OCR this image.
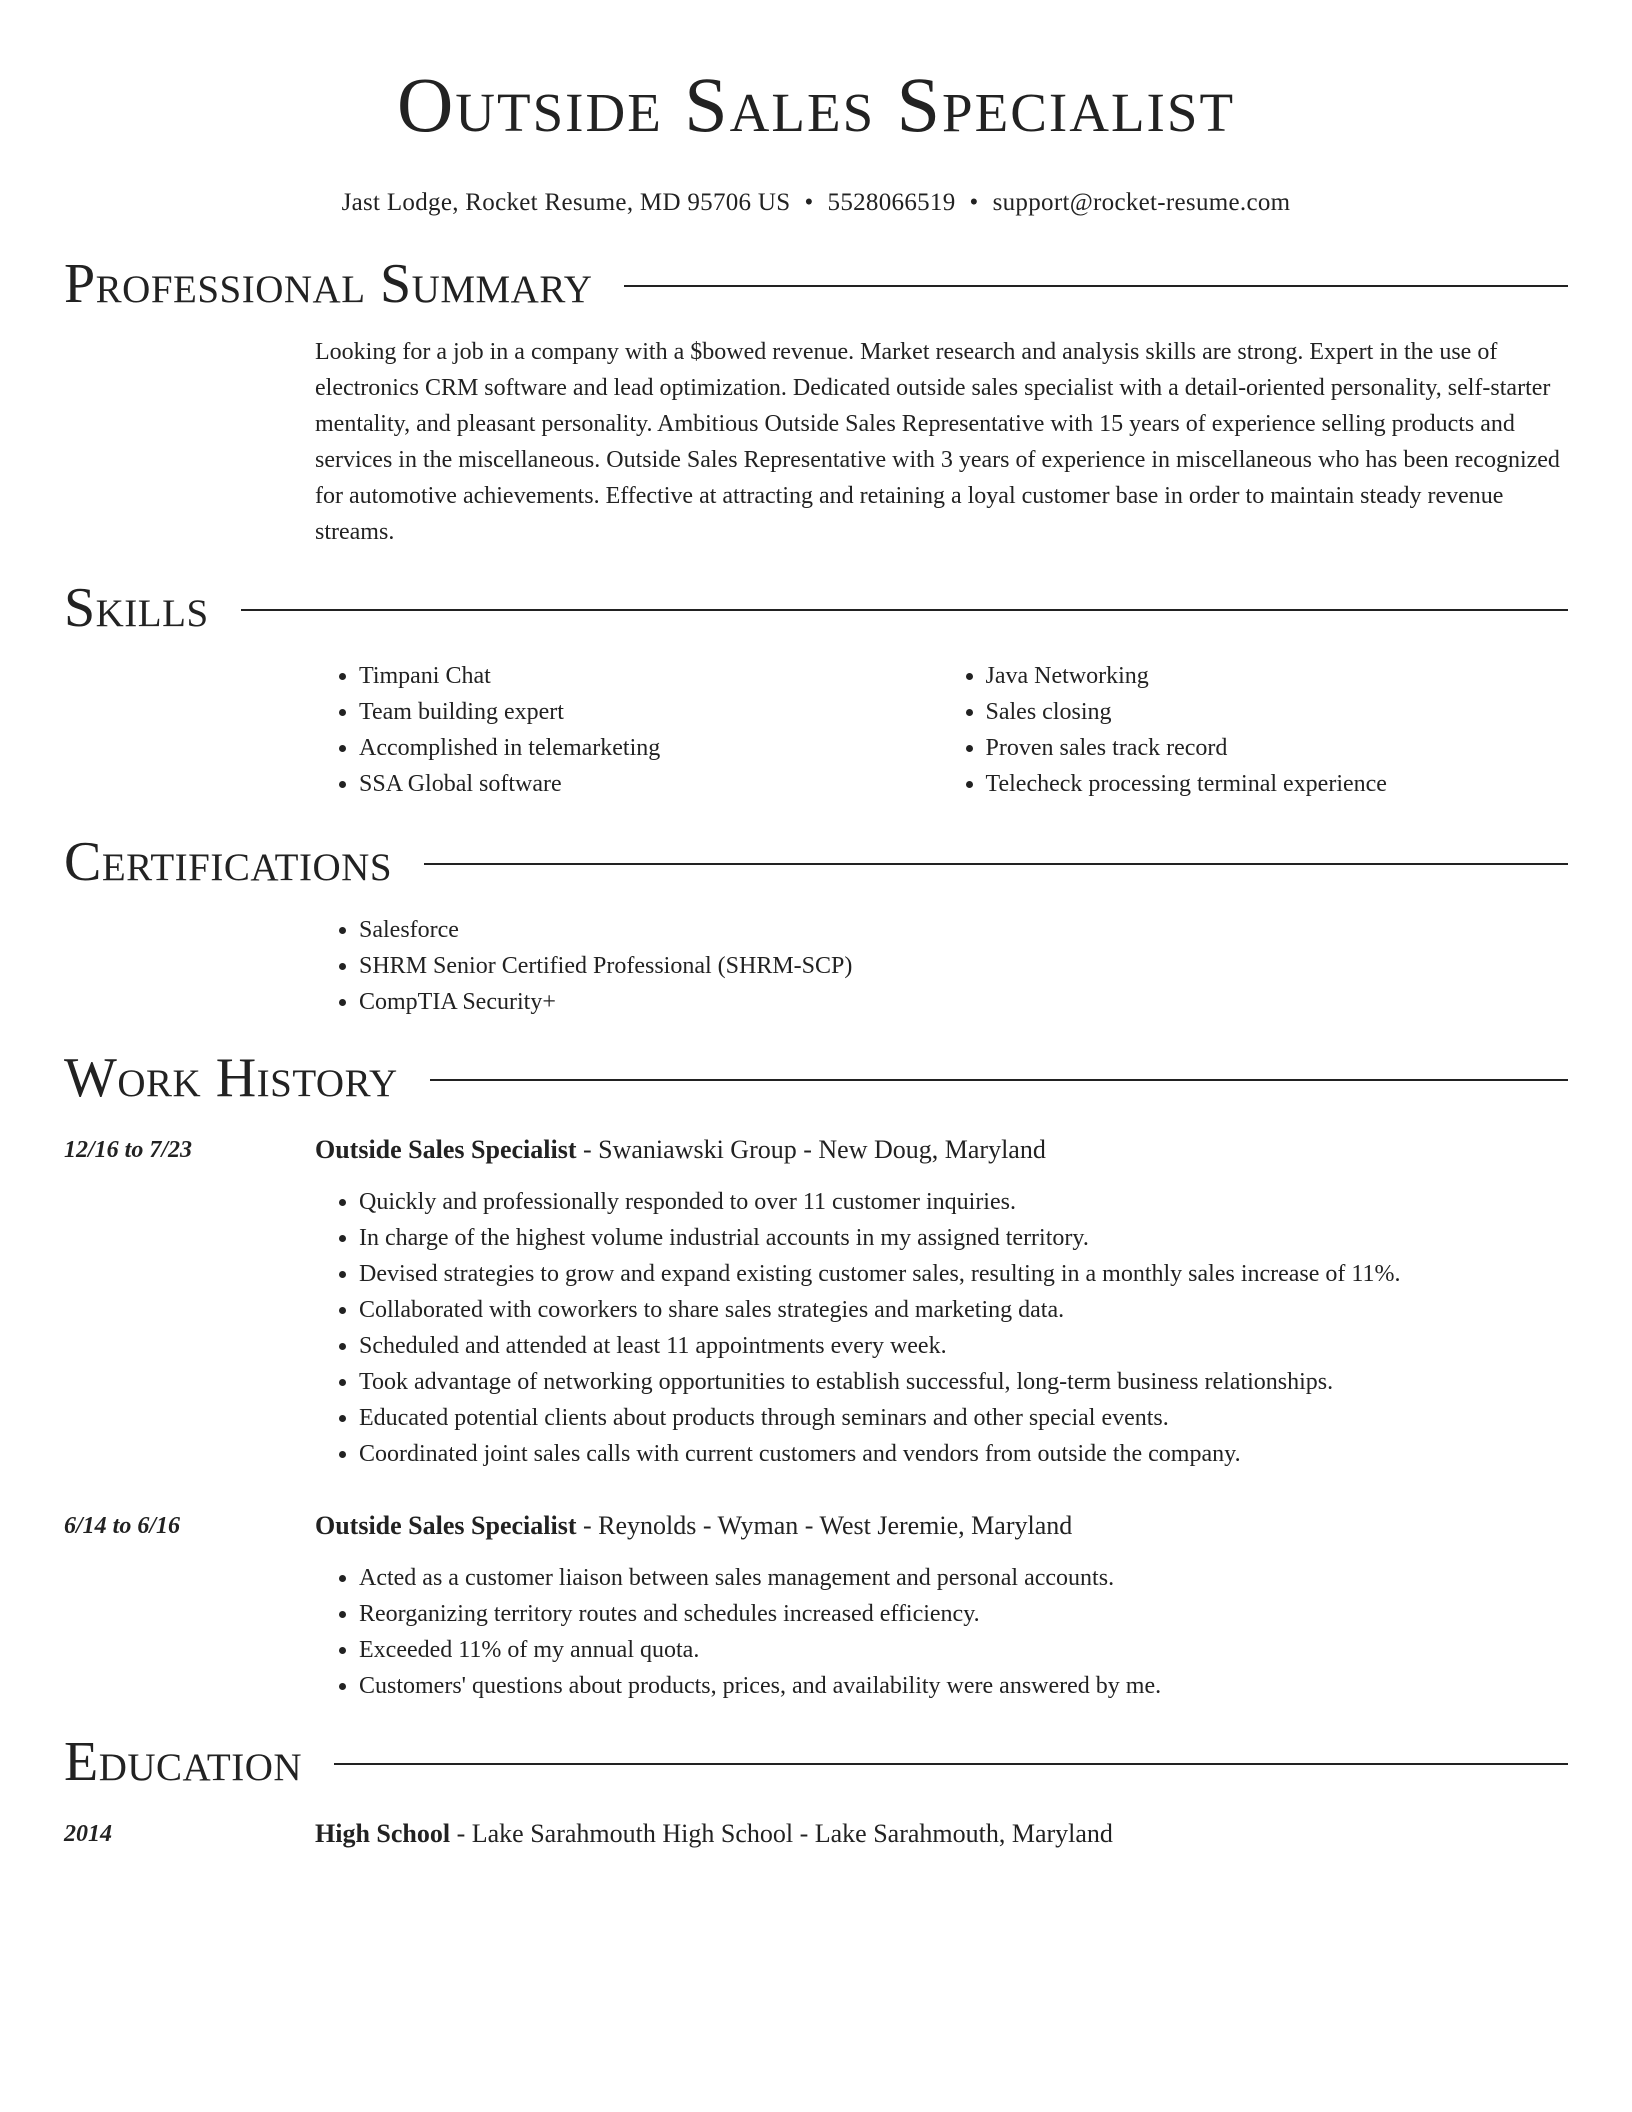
Outside Sales Specialist
Jast Lodge, Rocket Resume, MD 95706 US • 5528066519 • support@rocket-resume.com
Professional Summary

Looking for a job in a company with a $bowed revenue. Market research and analysis skills are strong. Expert in the use of electronics CRM software and lead optimization. Dedicated outside sales specialist with a detail-oriented personality, self-starter mentality, and pleasant personality. Ambitious Outside Sales Representative with 15 years of experience selling products and services in the miscellaneous. Outside Sales Representative with 3 years of experience in miscellaneous who has been recognized for automotive achievements. Effective at attracting and retaining a loyal customer base in order to maintain steady revenue streams.

Skills
• Timpani Chat
• Team building expert
• Accomplished in telemarketing
• SSA Global software
• Java Networking
• Sales closing
• Proven sales track record
• Telecheck processing terminal experience
Certifications
• Salesforce
• SHRM Senior Certified Professional (SHRM-SCP)
• CompTIA Security+
Work History
12/16 to 7/23	Outside Sales Specialist - Swaniawski Group - New Doug, Maryland
• Quickly and professionally responded to over 11 customer inquiries.
• In charge of the highest volume industrial accounts in my assigned territory.
• Devised strategies to grow and expand existing customer sales, resulting in a monthly sales increase of 11%.
• Collaborated with coworkers to share sales strategies and marketing data.
• Scheduled and attended at least 11 appointments every week.
• Took advantage of networking opportunities to establish successful, long-term business relationships.
• Educated potential clients about products through seminars and other special events.
• Coordinated joint sales calls with current customers and vendors from outside the company.
6/14 to 6/16	Outside Sales Specialist - Reynolds - Wyman - West Jeremie, Maryland
• Acted as a customer liaison between sales management and personal accounts.
• Reorganizing territory routes and schedules increased efficiency.
• Exceeded 11% of my annual quota.
• Customers' questions about products, prices, and availability were answered by me.
Education
2014	High School - Lake Sarahmouth High School - Lake Sarahmouth, Maryland
